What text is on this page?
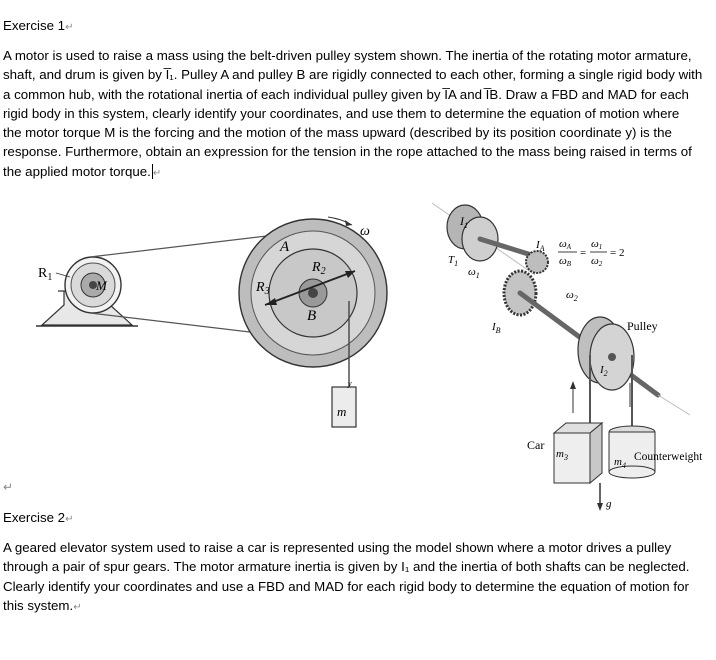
Exercise 1↵

A motor is used to raise a mass using the belt-driven pulley system shown. The inertia of the rotating motor armature,
shaft, and drum is given by I̅₁. Pulley A and pulley B are rigidly connected to each other, forming a single rigid body with
a common hub, with the rotational inertia of each individual pulley given by I̅A and I̅B. Draw a FBD and MAD for each
rigid body in this system, clearly identify your coordinates, and use them to determine the equation of motion where
the motor torque M is the forcing and the motion of the mass upward (described by its position coordinate y) is the
response. Furthermore, obtain an expression for the tension in the rope attached to the mass being raised in terms of
the applied motor torque. ↵
$R_1$
M
A
$R_2$
$R_3$
B
ω
m
y
$I_1$
$T_1$
$\omega_1$
$I_A$ ωA
ωB
=
ω1
ω2
= 2
$I_B$
$\omega_2$
Pulley
$I_2$
Car
$m_3$	$m_4$
Counterweight
g

↵

Exercise 2↵

A geared elevator system used to raise a car is represented using the model shown where a motor drives a pulley
through a pair of spur gears. The motor armature inertia is given by I₁ and the inertia of both shafts can be neglected.
Clearly identify your coordinates and use a FBD and MAD for each rigid body to determine the equation of motion for
this system.↵
